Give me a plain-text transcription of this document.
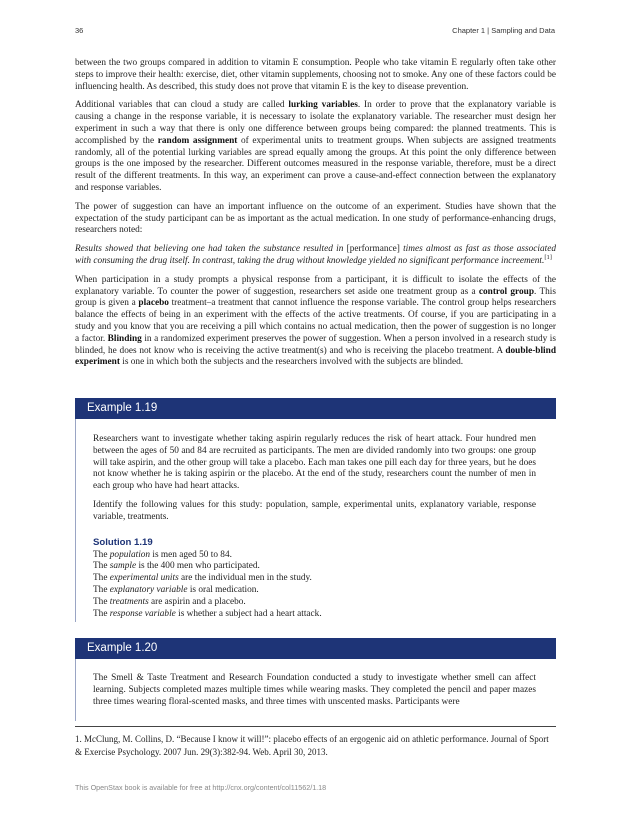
36	Chapter 1 | Sampling and Data

between the two groups compared in addition to vitamin E consumption. People who take vitamin E regularly often take other steps to improve their health: exercise, diet, other vitamin supplements, choosing not to smoke. Any one of these factors could be influencing health. As described, this study does not prove that vitamin E is the key to disease prevention.

Additional variables that can cloud a study are called lurking variables. In order to prove that the explanatory variable is causing a change in the response variable, it is necessary to isolate the explanatory variable. The researcher must design her experiment in such a way that there is only one difference between groups being compared: the planned treatments. This is accomplished by the random assignment of experimental units to treatment groups. When subjects are assigned treatments randomly, all of the potential lurking variables are spread equally among the groups. At this point the only difference between groups is the one imposed by the researcher. Different outcomes measured in the response variable, therefore, must be a direct result of the different treatments. In this way, an experiment can prove a cause-and-effect connection between the explanatory and response variables.

The power of suggestion can have an important influence on the outcome of an experiment. Studies have shown that the expectation of the study participant can be as important as the actual medication. In one study of performance-enhancing drugs, researchers noted:

Results showed that believing one had taken the substance resulted in [performance] times almost as fast as those associated with consuming the drug itself. In contrast, taking the drug without knowledge yielded no significant performance increement.[1]

When participation in a study prompts a physical response from a participant, it is difficult to isolate the effects of the explanatory variable. To counter the power of suggestion, researchers set aside one treatment group as a control group. This group is given a placebo treatment–a treatment that cannot influence the response variable. The control group helps researchers balance the effects of being in an experiment with the effects of the active treatments. Of course, if you are participating in a study and you know that you are receiving a pill which contains no actual medication, then the power of suggestion is no longer a factor. Blinding in a randomized experiment preserves the power of suggestion. When a person involved in a research study is blinded, he does not know who is receiving the active treatment(s) and who is receiving the placebo treatment. A double-blind experiment is one in which both the subjects and the researchers involved with the subjects are blinded.

Example 1.19

Researchers want to investigate whether taking aspirin regularly reduces the risk of heart attack. Four hundred men between the ages of 50 and 84 are recruited as participants. The men are divided randomly into two groups: one group will take aspirin, and the other group will take a placebo. Each man takes one pill each day for three years, but he does not know whether he is taking aspirin or the placebo. At the end of the study, researchers count the number of men in each group who have had heart attacks.

Identify the following values for this study: population, sample, experimental units, explanatory variable, response variable, treatments.

Solution 1.19

The population is men aged 50 to 84.

The sample is the 400 men who participated.

The experimental units are the individual men in the study.

The explanatory variable is oral medication.

The treatments are aspirin and a placebo.

The response variable is whether a subject had a heart attack.

Example 1.20

The Smell & Taste Treatment and Research Foundation conducted a study to investigate whether smell can affect learning. Subjects completed mazes multiple times while wearing masks. They completed the pencil and paper mazes three times wearing floral-scented masks, and three times with unscented masks. Participants were

1. McClung, M. Collins, D. “Because I know it will!”: placebo effects of an ergogenic aid on athletic performance. Journal of Sport & Exercise Psychology. 2007 Jun. 29(3):382-94. Web. April 30, 2013.
This OpenStax book is available for free at http://cnx.org/content/col11562/1.18
